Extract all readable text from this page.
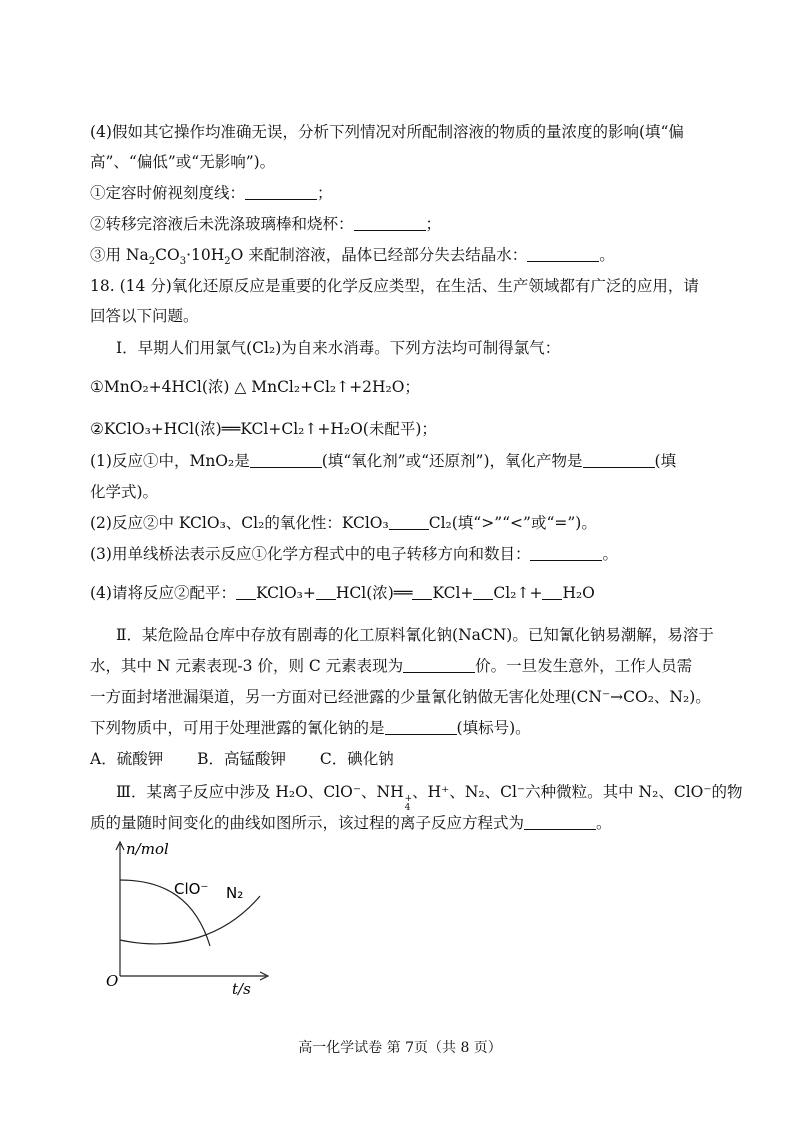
(4)假如其它操作均准确无误，分析下列情况对所配制溶液的物质的量浓度的影响(填“偏
高”、“偏低”或“无影响”)。
①定容时俯视刻度线：	；
②转移完溶液后未洗涤玻璃棒和烧杯：	；
③用 $Na_2CO_3\cdot 10H_2O$ 来配制溶液，晶体已经部分失去结晶水：	。
18. (14 分)氧化还原反应是重要的化学反应类型，在生活、生产领域都有广泛的应用，请
回答以下问题。
Ⅰ．早期人们用氯气(Cl₂)为自来水消毒。下列方法均可制得氯气：
①MnO₂+4HCl(浓) △ MnCl₂+Cl₂↑+2H₂O；
②KClO₃+HCl(浓)══KCl+Cl₂↑+H₂O(未配平)；
(1)反应①中，MnO₂是	(填“氧化剂”或“还原剂”)，氧化产物是	(填
化学式)。
(2)反应②中 KClO₃、Cl₂的氧化性：KClO₃	Cl₂(填“>”“<”或“=”)。
(3)用单线桥法表示反应①化学方程式中的电子转移方向和数目：	。
(4)请将反应②配平： KClO₃+ HCl(浓)══ KCl+ Cl₂↑+ H₂O
Ⅱ．某危险品仓库中存放有剧毒的化工原料氰化钠(NaCN)。已知氰化钠易潮解，易溶于
水，其中 N 元素表现-3 价，则 C 元素表现为	价。一旦发生意外，工作人员需
一方面封堵泄漏渠道，另一方面对已经泄露的少量氰化钠做无害化处理(CN⁻→CO₂、N₂)。
下列物质中，可用于处理泄露的氰化钠的是	(填标号)。
A．硫酸钾 B．高锰酸钾 C．碘化钠
Ⅲ．某离子反应中涉及 H₂O、ClO⁻、NH +
4
、H⁺、N₂、Cl⁻六种微粒。其中 N₂、ClO⁻的物
质的量随时间变化的曲线如图所示，该过程的离子反应方程式为	。
n/mol
t/s
O
ClO⁻ N₂
高一化学试卷 第 7页（共 8 页）
